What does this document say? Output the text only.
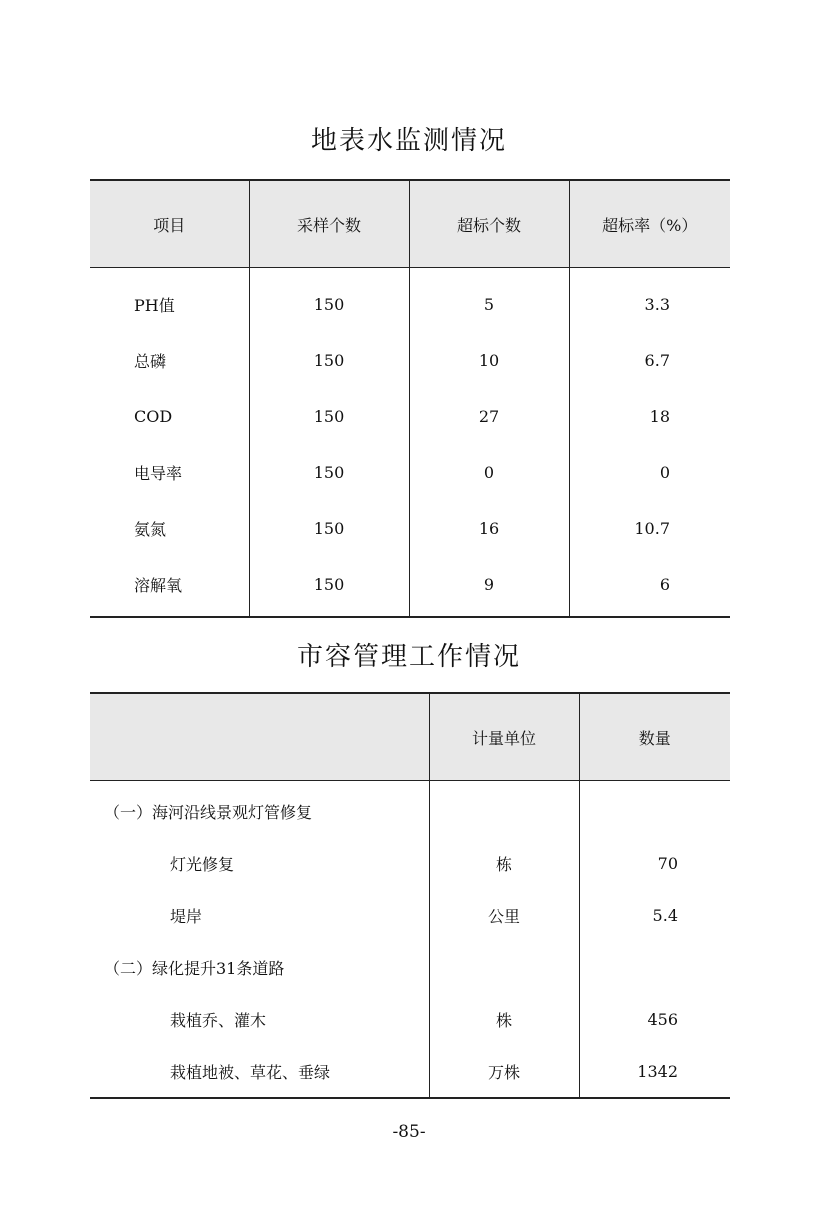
地表水监测情况
项目	采样个数	超标个数	超标率（%）
PH值	150	5	3.3
总磷	150	10	6.7
COD	150	27	18
电导率	150	0	0
氨氮	150	16	10.7
溶解氧	150	9	6
市容管理工作情况
	计量单位	数量
（一）海河沿线景观灯管修复		
灯光修复	栋	70
堤岸	公里	5.4
（二）绿化提升31条道路		
栽植乔、灌木	株	456
栽植地被、草花、垂绿	万株	1342
-85-
